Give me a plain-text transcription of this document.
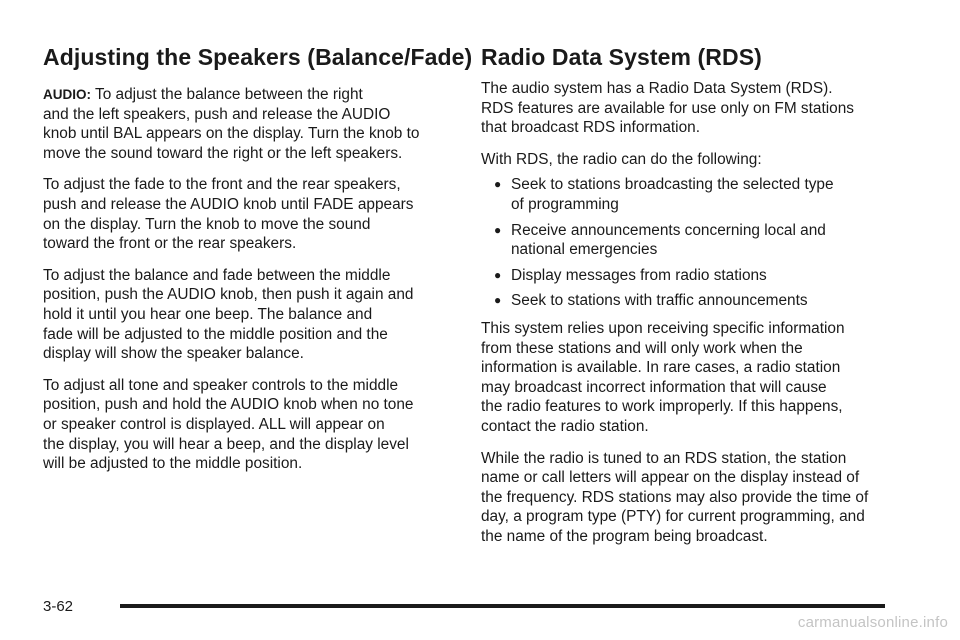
Adjusting the Speakers (Balance/Fade)

AUDIO: To adjust the balance between the right
and the left speakers, push and release the AUDIO
knob until BAL appears on the display. Turn the knob to
move the sound toward the right or the left speakers.

To adjust the fade to the front and the rear speakers,
push and release the AUDIO knob until FADE appears
on the display. Turn the knob to move the sound
toward the front or the rear speakers.

To adjust the balance and fade between the middle
position, push the AUDIO knob, then push it again and
hold it until you hear one beep. The balance and
fade will be adjusted to the middle position and the
display will show the speaker balance.

To adjust all tone and speaker controls to the middle
position, push and hold the AUDIO knob when no tone
or speaker control is displayed. ALL will appear on
the display, you will hear a beep, and the display level
will be adjusted to the middle position.

Radio Data System (RDS)

The audio system has a Radio Data System (RDS).
RDS features are available for use only on FM stations
that broadcast RDS information.

With RDS, the radio can do the following:

● Seek to stations broadcasting the selected type
of programming
● Receive announcements concerning local and
national emergencies
● Display messages from radio stations
● Seek to stations with traffic announcements

This system relies upon receiving specific information
from these stations and will only work when the
information is available. In rare cases, a radio station
may broadcast incorrect information that will cause
the radio features to work improperly. If this happens,
contact the radio station.

While the radio is tuned to an RDS station, the station
name or call letters will appear on the display instead of
the frequency. RDS stations may also provide the time of
day, a program type (PTY) for current programming, and
the name of the program being broadcast.

3-62
carmanualsonline.info
